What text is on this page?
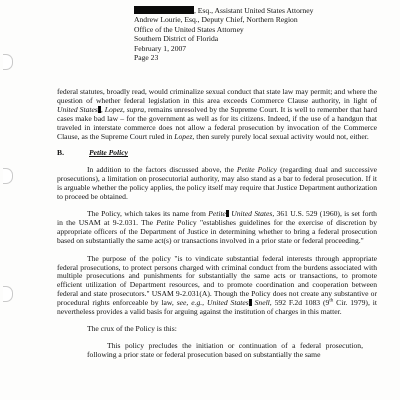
, Esq., Assistant United States Attorney
Andrew Lourie, Esq., Deputy Chief, Northern Region
Office of the United States Attorney
Southern District of Florida
February 1, 2007
Page 23

federal statutes, broadly read, would criminalize sexual conduct that state law may permit; and where the question of whether federal legislation in this area exceeds Commerce Clause authority, in light of United States , Lopez, supra, remains unresolved by the Supreme Court. It is well to remember that hard cases make bad law – for the government as well as for its citizens. Indeed, if the use of a handgun that traveled in interstate commerce does not allow a federal prosecution by invocation of the Commerce Clause, as the Supreme Court ruled in Lopez, then surely purely local sexual activity would not, either.

B.	Petite Policy

In addition to the factors discussed above, the Petite Policy (regarding dual and successive prosecutions), a limitation on prosecutorial authority, may also stand as a bar to federal prosecution. If it is arguable whether the policy applies, the policy itself may require that Justice Department authorization to proceed be obtained.

The Policy, which takes its name from Petite United States, 361 U.S. 529 (1960), is set forth in the USAM at 9-2.031. The Petite Policy "establishes guidelines for the exercise of discretion by appropriate officers of the Department of Justice in determining whether to bring a federal prosecution based on substantially the same act(s) or transactions involved in a prior state or federal proceeding."

The purpose of the policy "is to vindicate substantial federal interests through appropriate federal prosecutions, to protect persons charged with criminal conduct from the burdens associated with multiple prosecutions and punishments for substantially the same acts or transactions, to promote efficient utilization of Department resources, and to promote coordination and cooperation between federal and state prosecutors." USAM 9-2.031(A). Though the Policy does not create any substantive or procedural rights enforceable by law, see, e.g., United States Snell, 592 F.2d 1083 (9th Cir. 1979), it nevertheless provides a valid basis for arguing against the institution of charges in this matter.

The crux of the Policy is this:

This policy precludes the initiation or continuation of a federal prosecution, following a prior state or federal prosecution based on substantially the same
